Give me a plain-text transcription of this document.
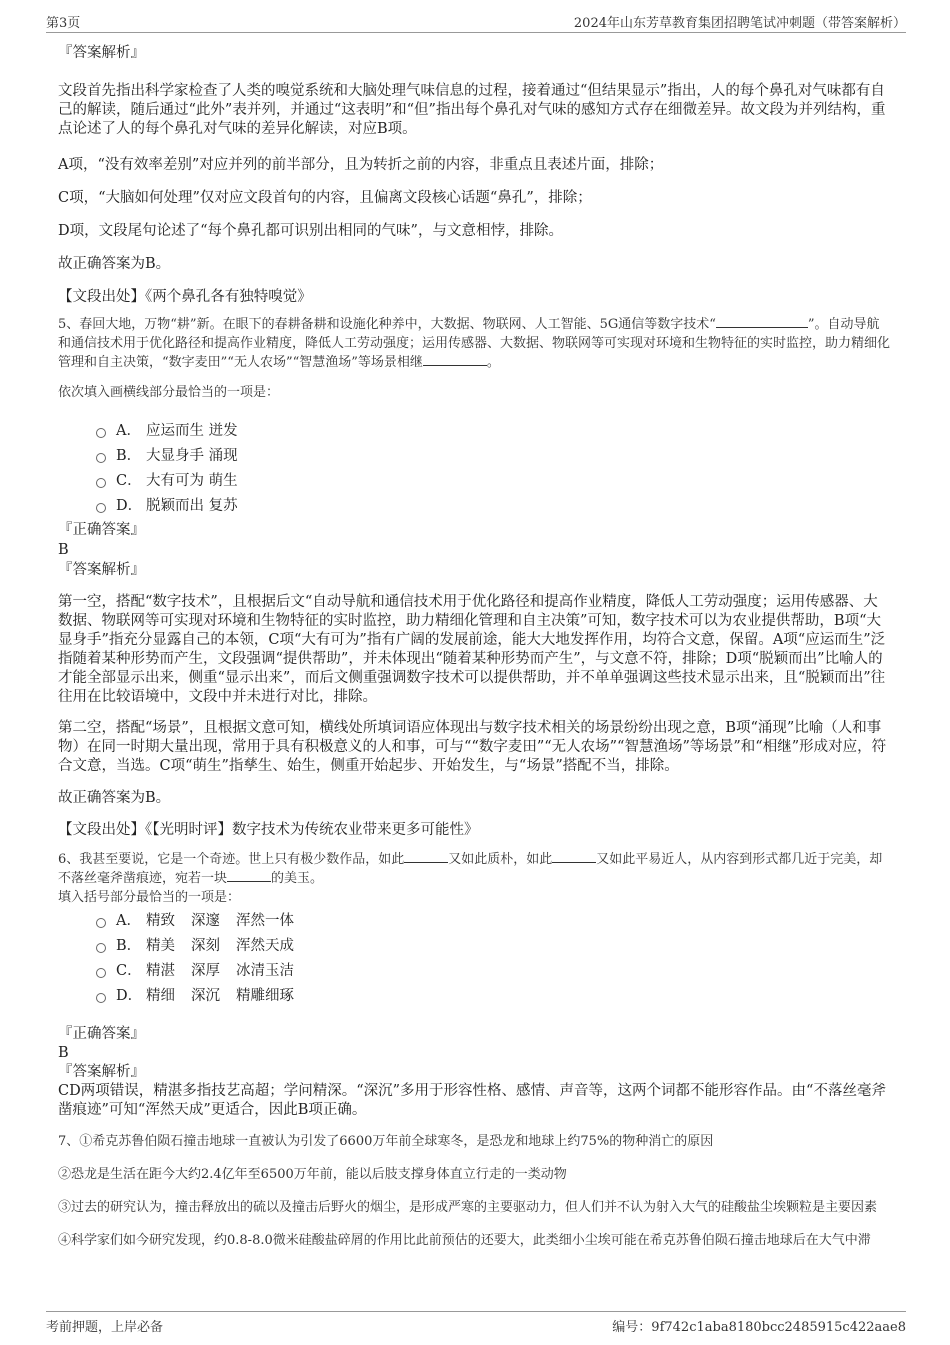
第3页	2024年山东芳草教育集团招聘笔试冲刺题（带答案解析）

『答案解析』

文段首先指出科学家检查了人类的嗅觉系统和大脑处理气味信息的过程，接着通过“但结果显示”指出，人的每个鼻孔对气味都有自己的解读，随后通过“此外”表并列，并通过“这表明”和“但”指出每个鼻孔对气味的感知方式存在细微差异。故文段为并列结构，重点论述了人的每个鼻孔对气味的差异化解读，对应B项。

A项，“没有效率差别”对应并列的前半部分，且为转折之前的内容，非重点且表述片面，排除；

C项，“大脑如何处理”仅对应文段首句的内容，且偏离文段核心话题“鼻孔”，排除；

D项，文段尾句论述了“每个鼻孔都可识别出相同的气味”，与文意相悖，排除。

故正确答案为B。

【文段出处】《两个鼻孔各有独特嗅觉》

5、春回大地，万物“耕”新。在眼下的春耕备耕和设施化种养中，大数据、物联网、人工智能、5G通信等数字技术“	”。自动导航和通信技术用于优化路径和提高作业精度，降低人工劳动强度；运用传感器、大数据、物联网等可实现对环境和生物特征的实时监控，助力精细化管理和自主决策，“数字麦田”“无人农场”“智慧渔场”等场景相继	。

依次填入画横线部分最恰当的一项是：

A． 应运而生 迸发
B． 大显身手 涌现
C． 大有可为 萌生
D． 脱颖而出 复苏

『正确答案』

B

『答案解析』

第一空，搭配“数字技术”，且根据后文“自动导航和通信技术用于优化路径和提高作业精度，降低人工劳动强度；运用传感器、大数据、物联网等可实现对环境和生物特征的实时监控，助力精细化管理和自主决策”可知，数字技术可以为农业提供帮助，B项“大显身手”指充分显露自己的本领，C项“大有可为”指有广阔的发展前途，能大大地发挥作用，均符合文意，保留。A项“应运而生”泛指随着某种形势而产生，文段强调“提供帮助”，并未体现出“随着某种形势而产生”，与文意不符，排除；D项“脱颖而出”比喻人的才能全部显示出来，侧重“显示出来”，而后文侧重强调数字技术可以提供帮助，并不单单强调这些技术显示出来，且“脱颖而出”往往用在比较语境中，文段中并未进行对比，排除。

第二空，搭配“场景”，且根据文意可知，横线处所填词语应体现出与数字技术相关的场景纷纷出现之意，B项“涌现”比喻（人和事物）在同一时期大量出现，常用于具有积极意义的人和事，可与““数字麦田”“无人农场”“智慧渔场”等场景”和“相继”形成对应，符合文意，当选。C项“萌生”指孳生、始生，侧重开始起步、开始发生，与“场景”搭配不当，排除。

故正确答案为B。

【文段出处】《【光明时评】数字技术为传统农业带来更多可能性》

6、我甚至要说，它是一个奇迹。世上只有极少数作品，如此	又如此质朴，如此	又如此平易近人，从内容到形式都几近于完美，却不落丝毫斧凿痕迹，宛若一块	的美玉。

填入括号部分最恰当的一项是：

A． 精致 深邃 浑然一体
B． 精美 深刻 浑然天成
C． 精湛 深厚 冰清玉洁
D． 精细 深沉 精雕细琢

『正确答案』

B

『答案解析』

CD两项错误，精湛多指技艺高超；学问精深。“深沉”多用于形容性格、感情、声音等，这两个词都不能形容作品。由“不落丝毫斧凿痕迹”可知“浑然天成”更适合，因此B项正确。

7、①希克苏鲁伯陨石撞击地球一直被认为引发了6600万年前全球寒冬，是恐龙和地球上约75%的物种消亡的原因

②恐龙是生活在距今大约2.4亿年至6500万年前，能以后肢支撑身体直立行走的一类动物

③过去的研究认为，撞击释放出的硫以及撞击后野火的烟尘，是形成严寒的主要驱动力，但人们并不认为射入大气的硅酸盐尘埃颗粒是主要因素

④科学家们如今研究发现，约0.8-8.0微米硅酸盐碎屑的作用比此前预估的还要大，此类细小尘埃可能在希克苏鲁伯陨石撞击地球后在大气中滞

考前押题，上岸必备	编号：9f742c1aba8180bcc2485915c422aae8
